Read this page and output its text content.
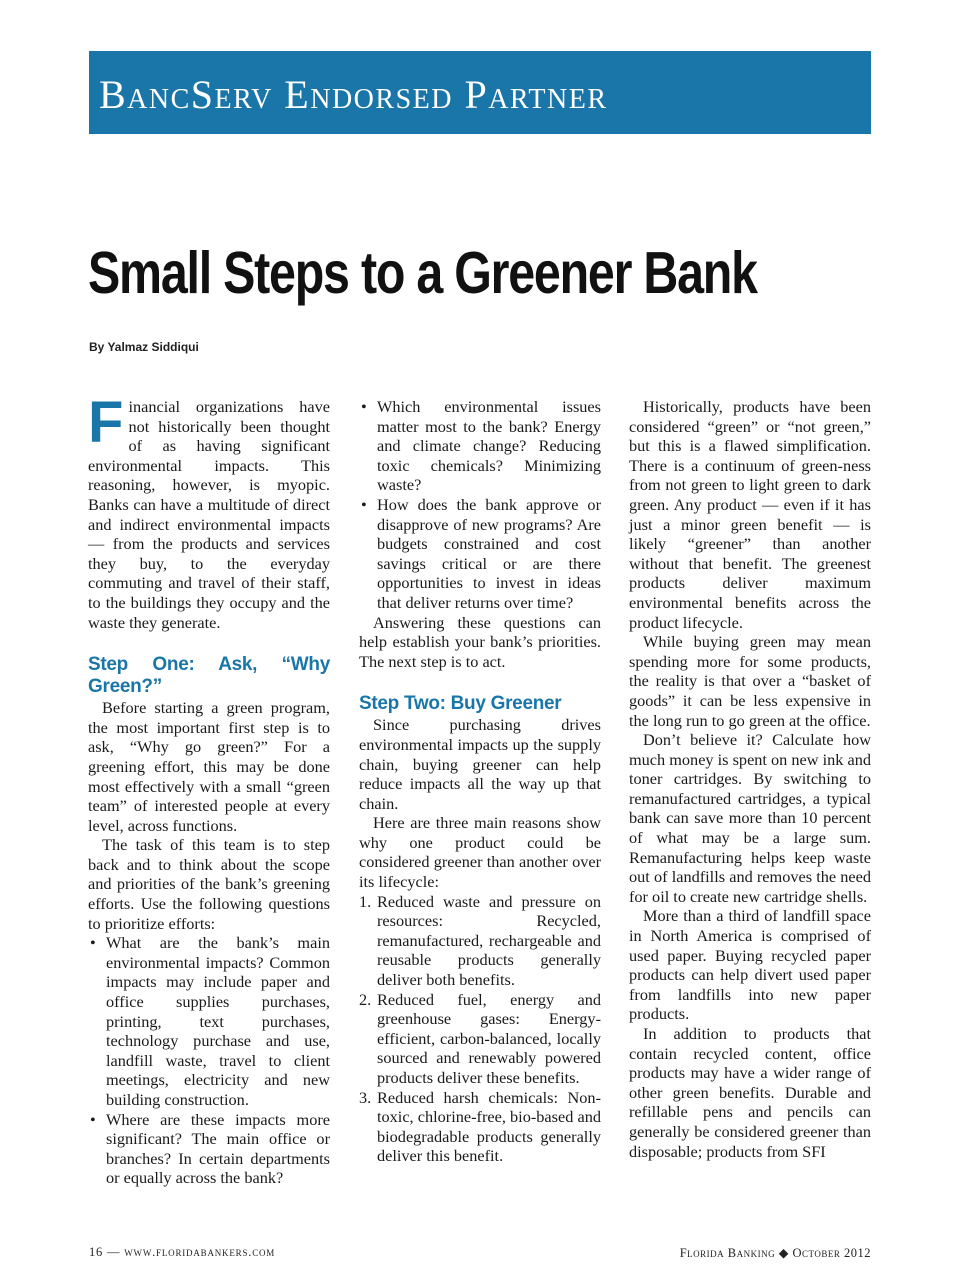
BancServ Endorsed Partner
Small Steps to a Greener Bank
By Yalmaz Siddiqui

Financial organizations have not historically been thought of as having significant environmental impacts. This reasoning, however, is myopic. Banks can have a multitude of direct and indirect environmental impacts — from the products and services they buy, to the everyday commuting and travel of their staff, to the buildings they occupy and the waste they generate.

Step One: Ask, “Why Green?”

Before starting a green program, the most important first step is to ask, “Why go green?” For a greening effort, this may be done most effectively with a small “green team” of interested people at every level, across functions.

The task of this team is to step back and to think about the scope and priorities of the bank’s greening efforts. Use the following questions to prioritize efforts:

• What are the bank’s main environmental impacts? Common impacts may include paper and office supplies purchases, printing, text purchases, technology purchase and use, landfill waste, travel to client meetings, electricity and new building construction.
• Where are these impacts more significant? The main office or branches? In certain departments or equally across the bank?
• Which environmental issues matter most to the bank? Energy and climate change? Reducing toxic chemicals? Minimizing waste?
• How does the bank approve or disapprove of new programs? Are budgets constrained and cost savings critical or are there opportunities to invest in ideas that deliver returns over time?

Answering these questions can help establish your bank’s priorities. The next step is to act.

Step Two: Buy Greener

Since purchasing drives environmental impacts up the supply chain, buying greener can help reduce impacts all the way up that chain.

Here are three main reasons show why one product could be considered greener than another over its lifecycle:

1. Reduced waste and pressure on resources: Recycled, remanufactured, rechargeable and reusable products generally deliver both benefits.
2. Reduced fuel, energy and greenhouse gases: Energy-efficient, carbon-balanced, locally sourced and renewably powered products deliver these benefits.
3. Reduced harsh chemicals: Non-toxic, chlorine-free, bio-based and biodegradable products generally deliver this benefit.

Historically, products have been considered “green” or “not green,” but this is a flawed simplification. There is a continuum of green-ness from not green to light green to dark green. Any product — even if it has just a minor green benefit — is likely “greener” than another without that benefit. The greenest products deliver maximum environmental benefits across the product lifecycle.

While buying green may mean spending more for some products, the reality is that over a “basket of goods” it can be less expensive in the long run to go green at the office.

Don’t believe it? Calculate how much money is spent on new ink and toner cartridges. By switching to remanufactured cartridges, a typical bank can save more than 10 percent of what may be a large sum. Remanufacturing helps keep waste out of landfills and removes the need for oil to create new cartridge shells.

More than a third of landfill space in North America is comprised of used paper. Buying recycled paper products can help divert used paper from landfills into new paper products.

In addition to products that contain recycled content, office products may have a wider range of other green benefits. Durable and refillable pens and pencils can generally be considered greener than disposable; products from SFI

16 — www.floridabankers.com	Florida Banking ◆ October 2012
